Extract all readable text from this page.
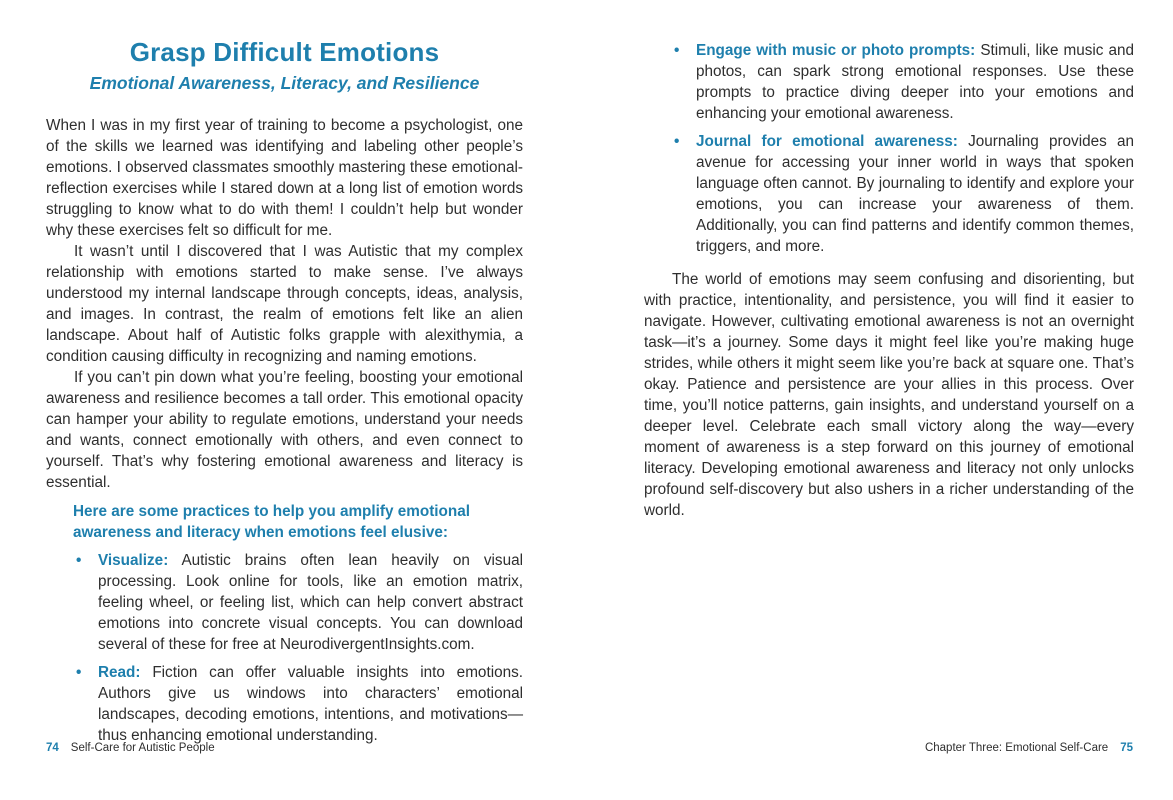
Grasp Difficult Emotions
Emotional Awareness, Literacy, and Resilience

When I was in my first year of training to become a psychologist, one of the skills we learned was identifying and labeling other people’s emotions. I observed classmates smoothly mastering these emotional-reflection exercises while I stared down at a long list of emotion words struggling to know what to do with them! I couldn’t help but wonder why these exercises felt so difficult for me.

It wasn’t until I discovered that I was Autistic that my complex relationship with emotions started to make sense. I’ve always understood my internal landscape through concepts, ideas, analysis, and images. In contrast, the realm of emotions felt like an alien landscape. About half of Autistic folks grapple with alexithymia, a condition causing difficulty in recognizing and naming emotions.

If you can’t pin down what you’re feeling, boosting your emotional awareness and resilience becomes a tall order. This emotional opacity can hamper your ability to regulate emotions, understand your needs and wants, connect emotionally with others, and even connect to yourself. That’s why fostering emotional awareness and literacy is essential.

Here are some practices to help you amplify emotional awareness and literacy when emotions feel elusive:
• Visualize: Autistic brains often lean heavily on visual processing. Look online for tools, like an emotion matrix, feeling wheel, or feeling list, which can help convert abstract emotions into concrete visual concepts. You can download several of these for free at NeurodivergentInsights.com.
• Read: Fiction can offer valuable insights into emotions. Authors give us windows into characters’ emotional landscapes, decoding emotions, intentions, and motivations—thus enhancing emotional understanding.
• Engage with music or photo prompts: Stimuli, like music and photos, can spark strong emotional responses. Use these prompts to practice diving deeper into your emotions and enhancing your emotional awareness.
• Journal for emotional awareness: Journaling provides an avenue for accessing your inner world in ways that spoken language often cannot. By journaling to identify and explore your emotions, you can increase your awareness of them. Additionally, you can find patterns and identify common themes, triggers, and more.

The world of emotions may seem confusing and disorienting, but with practice, intentionality, and persistence, you will find it easier to navigate. However, cultivating emotional awareness is not an overnight task—it’s a journey. Some days it might feel like you’re making huge strides, while others it might seem like you’re back at square one. That’s okay. Patience and persistence are your allies in this process. Over time, you’ll notice patterns, gain insights, and understand yourself on a deeper level. Celebrate each small victory along the way—every moment of awareness is a step forward on this journey of emotional literacy. Developing emotional awareness and literacy not only unlocks profound self-discovery but also ushers in a richer understanding of the world.

74 Self-Care for Autistic People	Chapter Three: Emotional Self-Care 75
